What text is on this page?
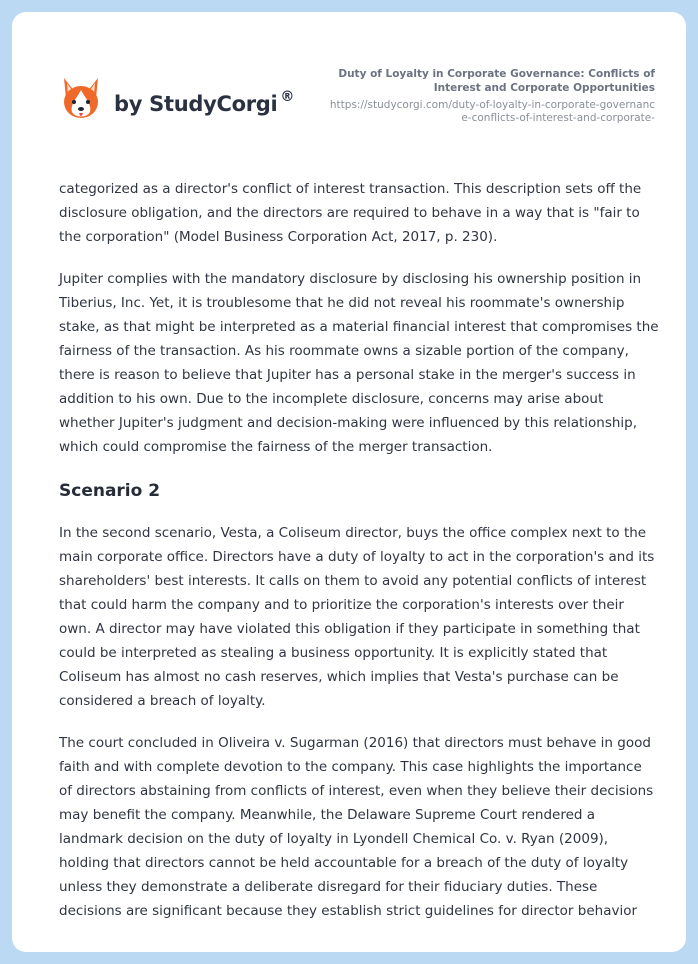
by StudyCorgi ®
Duty of Loyalty in Corporate Governance: Conflicts of Interest and Corporate Opportunities
https://studycorgi.com/duty-of-loyalty-in-corporate-governance-conflicts-of-interest-and-corporate-

categorized as a director's conflict of interest transaction. This description sets off the disclosure obligation, and the directors are required to behave in a way that is "fair to the corporation" (Model Business Corporation Act, 2017, p. 230).

Jupiter complies with the mandatory disclosure by disclosing his ownership position in Tiberius, Inc. Yet, it is troublesome that he did not reveal his roommate's ownership stake, as that might be interpreted as a material financial interest that compromises the fairness of the transaction. As his roommate owns a sizable portion of the company, there is reason to believe that Jupiter has a personal stake in the merger's success in addition to his own. Due to the incomplete disclosure, concerns may arise about whether Jupiter's judgment and decision-making were influenced by this relationship, which could compromise the fairness of the merger transaction.

Scenario 2

In the second scenario, Vesta, a Coliseum director, buys the office complex next to the main corporate office. Directors have a duty of loyalty to act in the corporation's and its shareholders' best interests. It calls on them to avoid any potential conflicts of interest that could harm the company and to prioritize the corporation's interests over their own. A director may have violated this obligation if they participate in something that could be interpreted as stealing a business opportunity. It is explicitly stated that Coliseum has almost no cash reserves, which implies that Vesta's purchase can be considered a breach of loyalty.

The court concluded in Oliveira v. Sugarman (2016) that directors must behave in good faith and with complete devotion to the company. This case highlights the importance of directors abstaining from conflicts of interest, even when they believe their decisions may benefit the company. Meanwhile, the Delaware Supreme Court rendered a landmark decision on the duty of loyalty in Lyondell Chemical Co. v. Ryan (2009), holding that directors cannot be held accountable for a breach of the duty of loyalty unless they demonstrate a deliberate disregard for their fiduciary duties. These decisions are significant because they establish strict guidelines for director behavior
